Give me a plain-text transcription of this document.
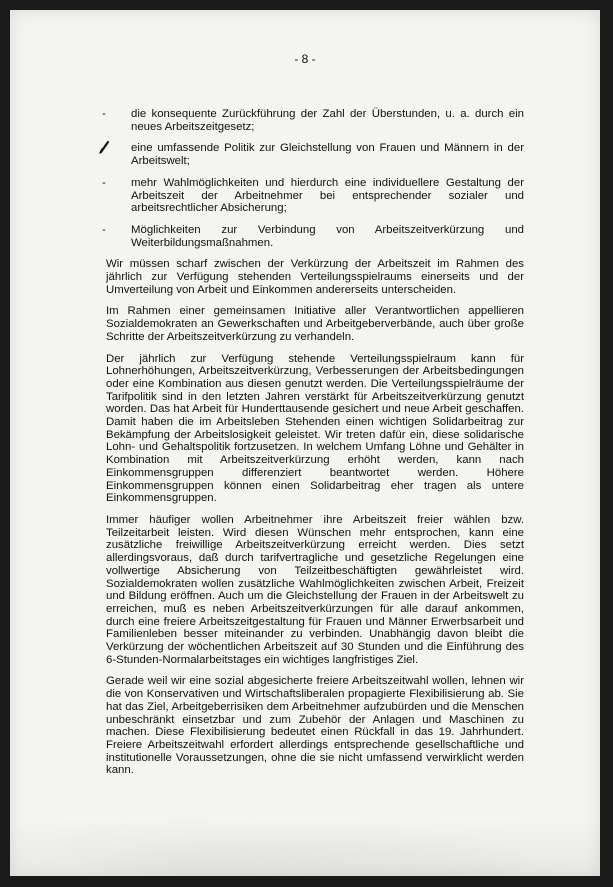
- 8 -
-	die konsequente Zurückführung der Zahl der Überstunden, u. a. durch ein neues Arbeitszeitgesetz;
eine umfassende Politik zur Gleichstellung von Frauen und Männern in der Arbeitswelt;
-	mehr Wahlmöglichkeiten und hierdurch eine individuellere Gestaltung der Arbeitszeit der Arbeitnehmer bei entsprechender sozialer und arbeitsrechtlicher Absicherung;
-	Möglichkeiten zur Verbindung von Arbeitszeitverkürzung und Weiterbildungsmaßnahmen.

Wir müssen scharf zwischen der Verkürzung der Arbeitszeit im Rahmen des jährlich zur Verfügung stehenden Verteilungsspielraums einerseits und der Umverteilung von Arbeit und Einkommen andererseits unterscheiden.

Im Rahmen einer gemeinsamen Initiative aller Verantwortlichen appellieren Sozialdemokraten an Gewerkschaften und Arbeitgeberverbände, auch über große Schritte der Arbeitszeitverkürzung zu verhandeln.

Der jährlich zur Verfügung stehende Verteilungsspielraum kann für Lohnerhöhungen, Arbeitszeitverkürzung, Verbesserungen der Arbeitsbedingungen oder eine Kombination aus diesen genutzt werden. Die Verteilungsspielräume der Tarifpolitik sind in den letzten Jahren verstärkt für Arbeitszeitverkürzung genutzt worden. Das hat Arbeit für Hunderttausende gesichert und neue Arbeit geschaffen. Damit haben die im Arbeitsleben Stehenden einen wichtigen Solidarbeitrag zur Bekämpfung der Arbeitslosigkeit geleistet. Wir treten dafür ein, diese solidarische Lohn- und Gehaltspolitik fortzusetzen. In welchem Umfang Löhne und Gehälter in Kombination mit Arbeitszeitverkürzung erhöht werden, kann nach Einkommensgruppen differenziert beantwortet werden. Höhere Einkommensgruppen können einen Solidarbeitrag eher tragen als untere Einkommensgruppen.

Immer häufiger wollen Arbeitnehmer ihre Arbeitszeit freier wählen bzw. Teilzeitarbeit leisten. Wird diesen Wünschen mehr entsprochen, kann eine zusätzliche freiwillige Arbeitszeitverkürzung erreicht werden. Dies setzt allerdingsvoraus, daß durch tarifvertragliche und gesetzliche Regelungen eine vollwertige Absicherung von Teilzeitbeschäftigten gewährleistet wird. Sozialdemokraten wollen zusätzliche Wahlmöglichkeiten zwischen Arbeit, Freizeit und Bildung eröffnen. Auch um die Gleichstellung der Frauen in der Arbeitswelt zu erreichen, muß es neben Arbeitszeitverkürzungen für alle darauf ankommen, durch eine freiere Arbeitszeitgestaltung für Frauen und Männer Erwerbsarbeit und Familienleben besser miteinander zu verbinden. Unabhängig davon bleibt die Verkürzung der wöchentlichen Arbeitszeit auf 30 Stunden und die Einführung des 6-Stunden-Normalarbeitstages ein wichtiges langfristiges Ziel.

Gerade weil wir eine sozial abgesicherte freiere Arbeitszeitwahl wollen, lehnen wir die von Konservativen und Wirtschaftsliberalen propagierte Flexibilisierung ab. Sie hat das Ziel, Arbeitgeberrisiken dem Arbeitnehmer aufzubürden und die Menschen unbeschränkt einsetzbar und zum Zubehör der Anlagen und Maschinen zu machen. Diese Flexibilisierung bedeutet einen Rückfall in das 19. Jahrhundert. Freiere Arbeitszeitwahl erfordert allerdings entsprechende gesellschaftliche und institutionelle Voraussetzungen, ohne die sie nicht umfassend verwirklicht werden kann.
